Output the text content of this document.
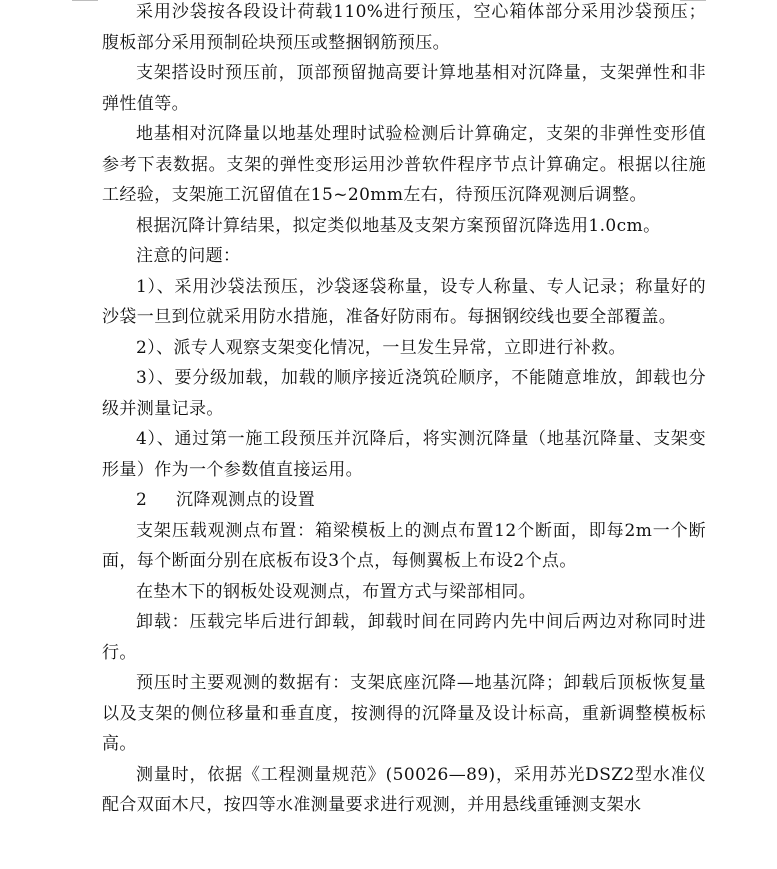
采用沙袋按各段设计荷载110%进行预压，空心箱体部分采用沙袋预压；腹板部分采用预制砼块预压或整捆钢筋预压。

支架搭设时预压前，顶部预留抛高要计算地基相对沉降量，支架弹性和非弹性值等。

地基相对沉降量以地基处理时试验检测后计算确定，支架的非弹性变形值参考下表数据。支架的弹性变形运用沙普软件程序节点计算确定。根据以往施工经验，支架施工沉留值在15~20mm左右，待预压沉降观测后调整。

根据沉降计算结果，拟定类似地基及支架方案预留沉降选用1.0cm。

注意的问题：

1）、采用沙袋法预压，沙袋逐袋称量，设专人称量、专人记录；称量好的沙袋一旦到位就采用防水措施，准备好防雨布。每捆钢绞线也要全部覆盖。

2）、派专人观察支架变化情况，一旦发生异常，立即进行补救。

3）、要分级加载，加载的顺序接近浇筑砼顺序，不能随意堆放，卸载也分级并测量记录。

4）、通过第一施工段预压并沉降后，将实测沉降量（地基沉降量、支架变形量）作为一个参数值直接运用。

2 沉降观测点的设置

支架压载观测点布置：箱梁模板上的测点布置12个断面，即每2m一个断面，每个断面分别在底板布设3个点，每侧翼板上布设2个点。

在垫木下的钢板处设观测点，布置方式与梁部相同。

卸载：压载完毕后进行卸载，卸载时间在同跨内先中间后两边对称同时进行。

预压时主要观测的数据有：支架底座沉降—地基沉降；卸载后顶板恢复量以及支架的侧位移量和垂直度，按测得的沉降量及设计标高，重新调整模板标高。

测量时，依据《工程测量规范》(50026—89)，采用苏光DSZ2型水准仪配合双面木尺，按四等水准测量要求进行观测，并用悬线重锤测支架水
